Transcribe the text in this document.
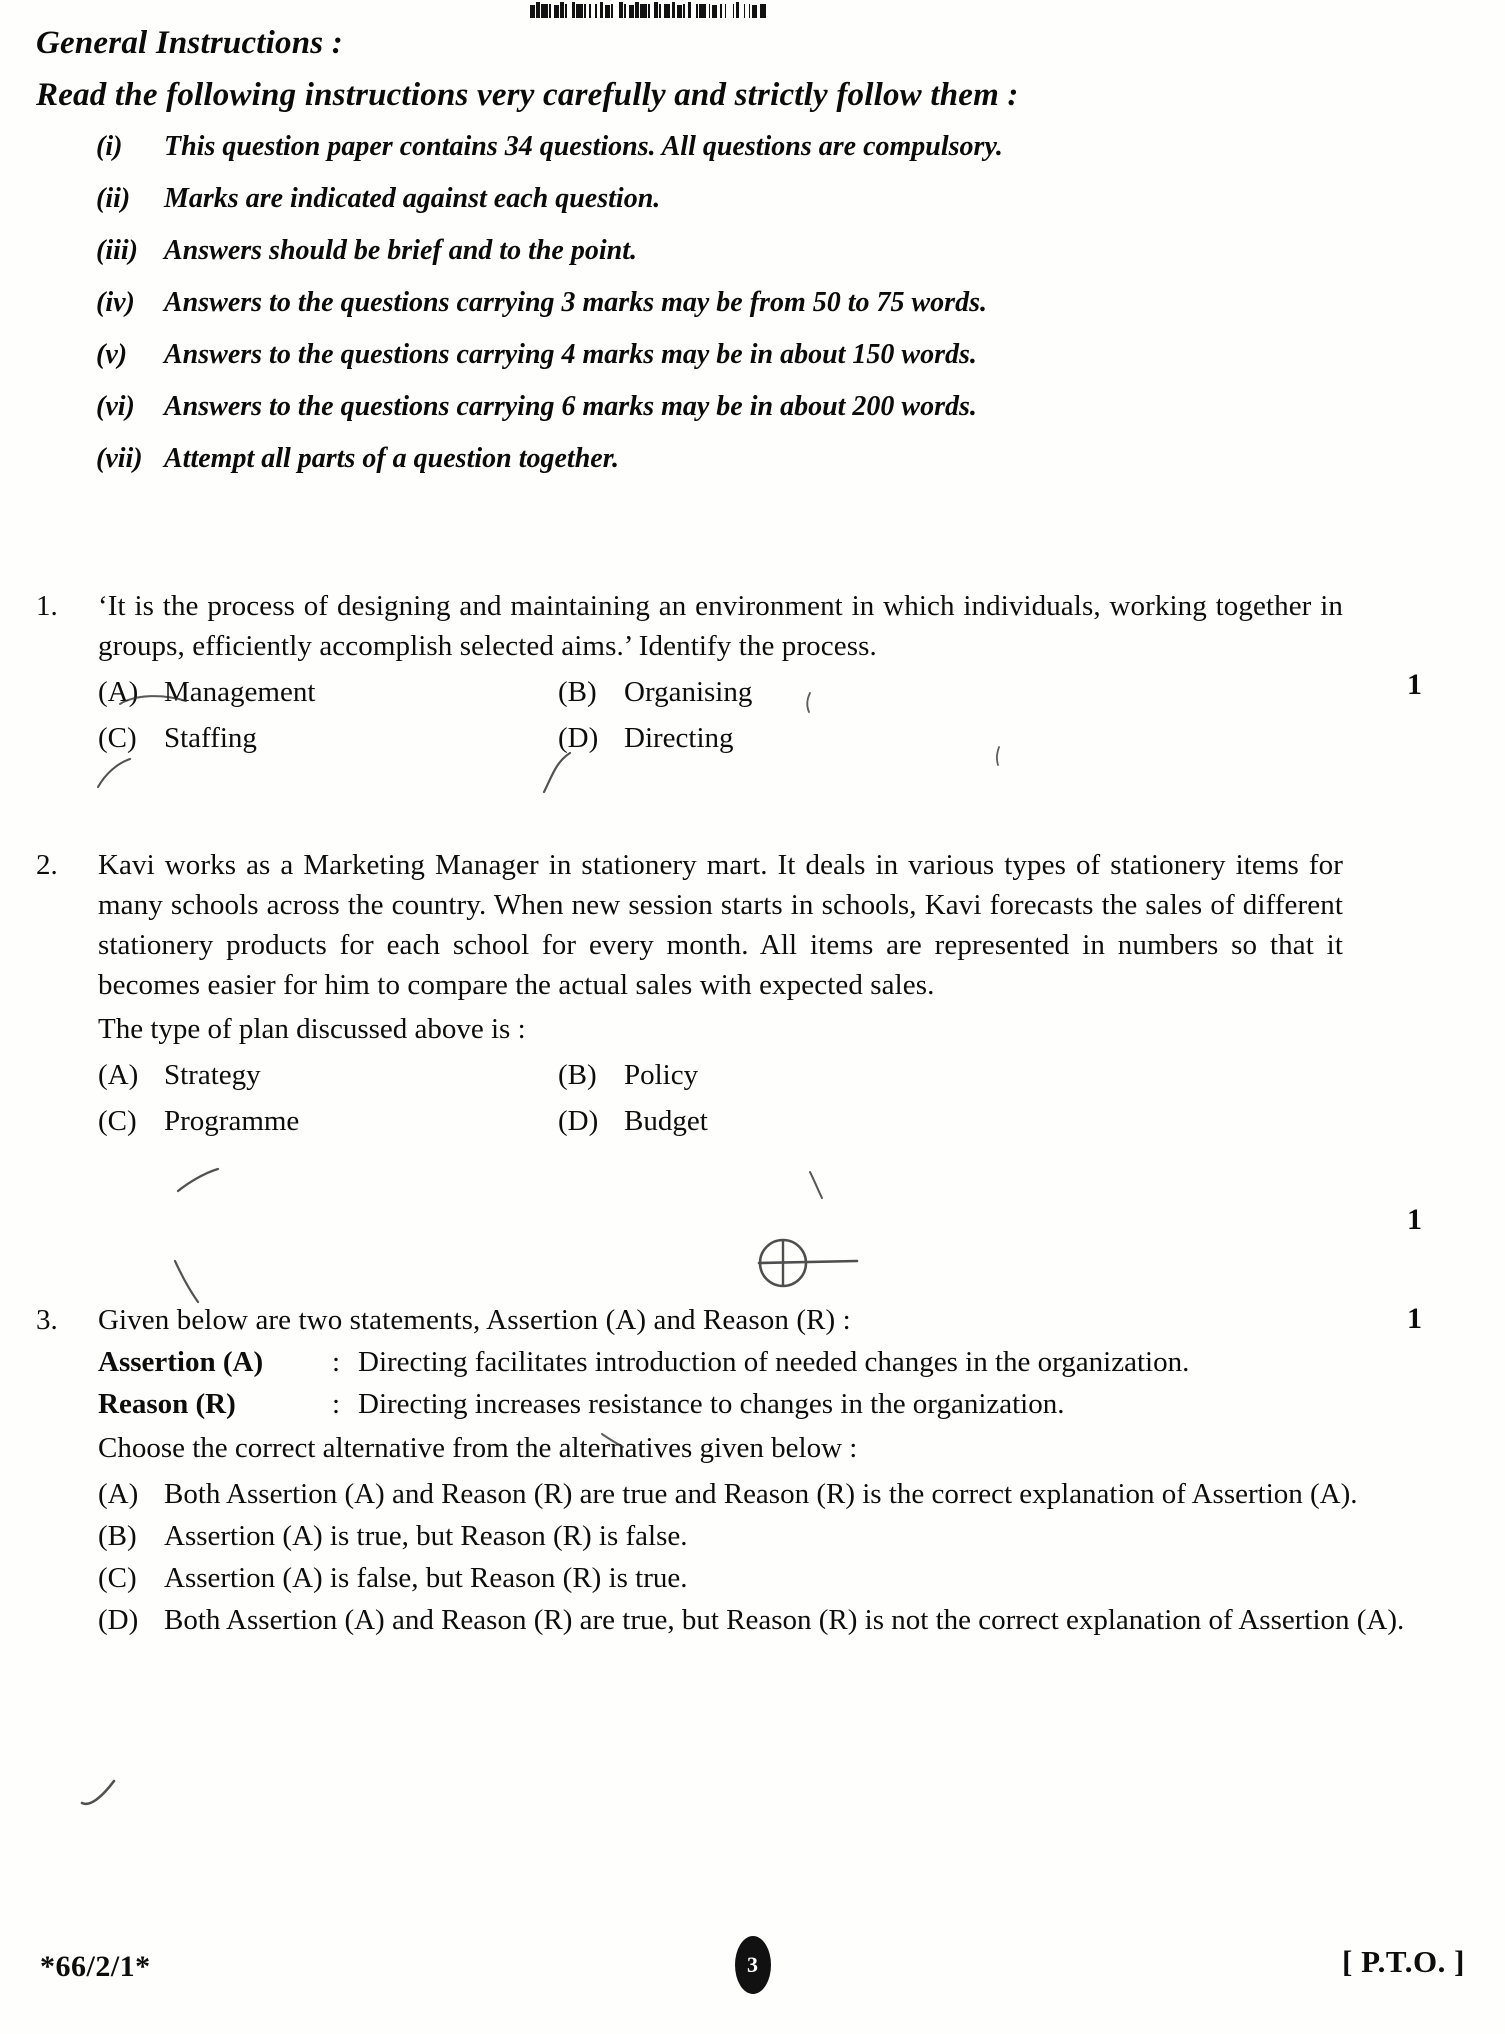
General Instructions :
Read the following instructions very carefully and strictly follow them :
(i)	This question paper contains 34 questions. All questions are compulsory.
(ii)	Marks are indicated against each question.
(iii) Answers should be brief and to the point.
(iv)	Answers to the questions carrying 3 marks may be from 50 to 75 words.
(v)	Answers to the questions carrying 4 marks may be in about 150 words.
(vi)	Answers to the questions carrying 6 marks may be in about 200 words.
(vii) Attempt all parts of a question together.
1.	‘It is the process of designing and maintaining an environment in which individuals, working together in groups, efficiently accomplish selected aims.’ Identify the process.

(A) Management	(B) Organising
(C) Staffing	(D) Directing
1
2.	Kavi works as a Marketing Manager in stationery mart. It deals in various types of stationery items for many schools across the country. When new session starts in schools, Kavi forecasts the sales of different stationery products for each school for every month. All items are represented in numbers so that it becomes easier for him to compare the actual sales with expected sales.

The type of plan discussed above is :

(A) Strategy	(B) Policy
(C) Programme	(D) Budget
1
3.	Given below are two statements, Assertion (A) and Reason (R) :

Assertion (A)	: Directing facilitates introduction of needed changes in the organization.
Reason (R)	: Directing increases resistance to changes in the organization.

Choose the correct alternative from the alternatives given below :

(A) Both Assertion (A) and Reason (R) are true and Reason (R) is the correct explanation of Assertion (A).
(B) Assertion (A) is true, but Reason (R) is false.
(C) Assertion (A) is false, but Reason (R) is true.
(D) Both Assertion (A) and Reason (R) are true, but Reason (R) is not the correct explanation of Assertion (A).
1
*66/2/1*	3	[ P.T.O. ]
